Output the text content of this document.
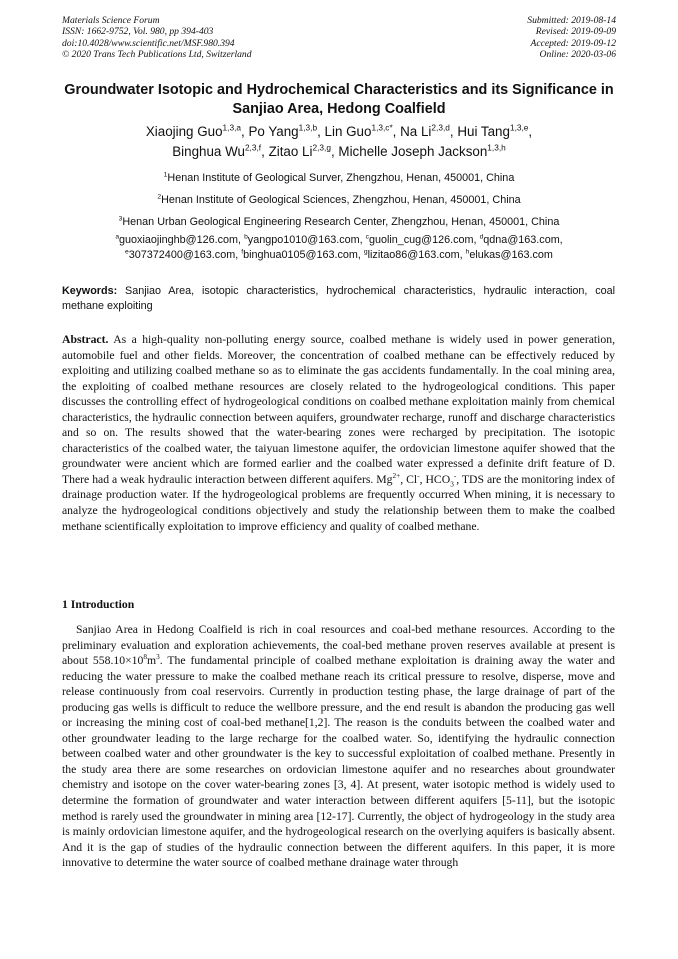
Materials Science Forum
ISSN: 1662-9752, Vol. 980, pp 394-403
doi:10.4028/www.scientific.net/MSF.980.394
© 2020 Trans Tech Publications Ltd, Switzerland
Submitted: 2019-08-14
Revised: 2019-09-09
Accepted: 2019-09-12
Online: 2020-03-06
Groundwater Isotopic and Hydrochemical Characteristics and its Significance in Sanjiao Area, Hedong Coalfield
Xiaojing Guo$^{1,3,a}$, Po Yang$^{1,3,b}$, Lin Guo$^{1,3,c*}$, Na Li$^{2,3,d}$, Hui Tang$^{1,3,e}$,
Binghua Wu$^{2,3,f}$, Zitao Li$^{2,3,g}$, Michelle Joseph Jackson$^{1,3,h}$
$^1$Henan Institute of Geological Surver, Zhengzhou, Henan, 450001, China
$^2$Henan Institute of Geological Sciences, Zhengzhou, Henan, 450001, China
$^3$Henan Urban Geological Engineering Research Center, Zhengzhou, Henan, 450001, China
$^a$guoxiaojinghb@126.com, $^b$yangpo1010@163.com, $^c$guolin_cug@126.com, $^d$qdna@163.com,
$^e$307372400@163.com, $^f$binghua0105@163.com, $^g$lizitao86@163.com, $^h$elukas@163.com
Keywords: Sanjiao Area, isotopic characteristics, hydrochemical characteristics, hydraulic interaction, coal methane exploiting

Abstract. As a high-quality non-polluting energy source, coalbed methane is widely used in power generation, automobile fuel and other fields. Moreover, the concentration of coalbed methane can be effectively reduced by exploiting and utilizing coalbed methane so as to eliminate the gas accidents fundamentally. In the coal mining area, the exploiting of coalbed methane resources are closely related to the hydrogeological conditions. This paper discusses the controlling effect of hydrogeological conditions on coalbed methane exploitation mainly from chemical characteristics, the hydraulic connection between aquifers, groundwater recharge, runoff and discharge characteristics and so on. The results showed that the water-bearing zones were recharged by precipitation. The isotopic characteristics of the coalbed water, the taiyuan limestone aquifer, the ordovician limestone aquifer showed that the groundwater were ancient which are formed earlier and the coalbed water expressed a definite drift feature of D. There had a weak hydraulic interaction between different aquifers. $Mg^{2+}$, Cl-, $HCO_3^-$, TDS are the monitoring index of drainage production water. If the hydrogeological problems are frequently occurred When mining, it is necessary to analyze the hydrogeological conditions objectively and study the relationship between them to make the coalbed methane scientifically exploitation to improve efficiency and quality of coalbed methane.

1 Introduction

Sanjiao Area in Hedong Coalfield is rich in coal resources and coal-bed methane resources. According to the preliminary evaluation and exploration achievements, the coal-bed methane proven reserves available at present is about $558.10\times 10^8m^3$. The fundamental principle of coalbed methane exploitation is draining away the water and reducing the water pressure to make the coalbed methane reach its critical pressure to resolve, disperse, move and release continuously from coal reservoirs. Currently in production testing phase, the large drainage of part of the producing gas wells is difficult to reduce the wellbore pressure, and the end result is abandon the producing gas well or increasing the mining cost of coal-bed methane[1,2]. The reason is the conduits between the coalbed water and other groundwater leading to the large recharge for the coalbed water. So, identifying the hydraulic connection between coalbed water and other groundwater is the key to successful exploitation of coalbed methane. Presently in the study area there are some researches on ordovician limestone aquifer and no researches about groundwater chemistry and isotope on the cover water-bearing zones [3, 4]. At present, water isotopic method is widely used to determine the formation of groundwater and water interaction between different aquifers [5-11], but the isotopic method is rarely used the groundwater in mining area [12-17]. Currently, the object of hydrogeology in the study area is mainly ordovician limestone aquifer, and the hydrogeological research on the overlying aquifers is basically absent. And it is the gap of studies of the hydraulic connection between the different aquifers. In this paper, it is more innovative to determine the water source of coalbed methane drainage water through
